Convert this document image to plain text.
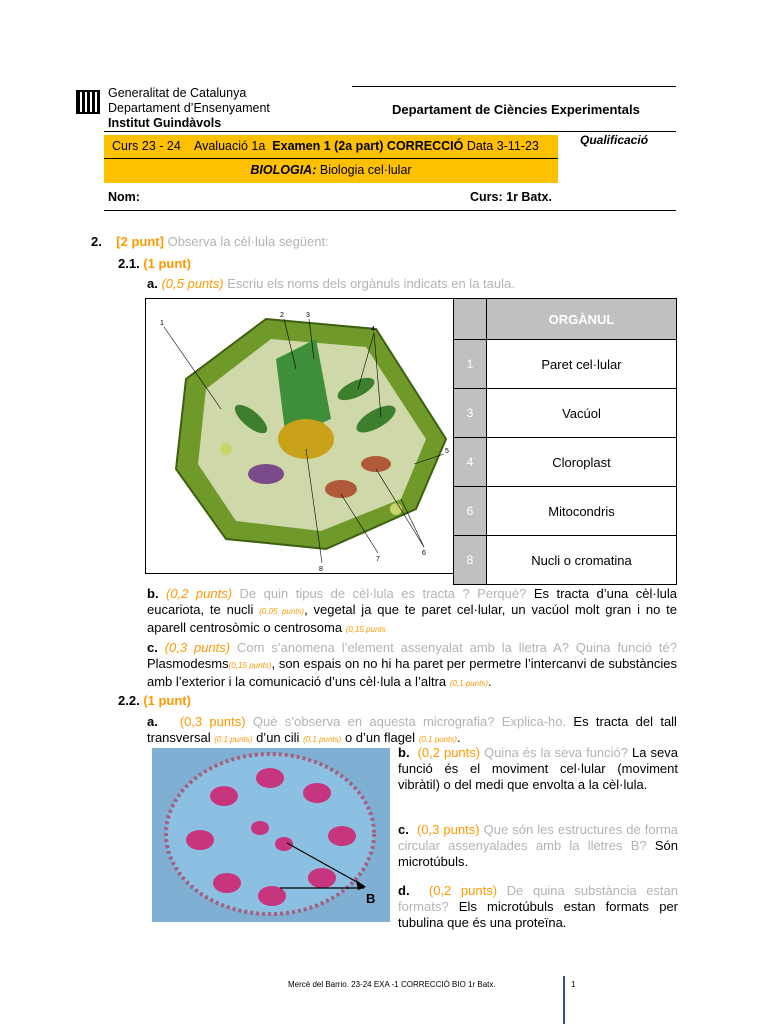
Generalitat de Catalunya
Departament d’Ensenyament
Institut Guindàvols
Departament de Ciències Experimentals
Qualificació
Curs 23 - 24 Avaluació 1a Examen 1 (2a part) CORRECCIÓ Data 3-11-23
BIOLOGIA: Biologia cel·lular
Nom:	Curs: 1r Batx.
2. [2 punt] Observa la cèl·lula següent:
2.1. (1 punt)
a. (0,5 punts) Escriu els noms dels orgànuls indicats en la taula.
1
2	3
4
5
6
7
8
	ORGÀNUL
1	Paret cel·lular
3	Vacúol
4	Cloroplast
6	Mitocondris
8	Nucli o cromatina
b. (0,2 punts) De quin tipus de cèl·lula es tracta ? Perquè? Es tracta d’una cèl·lula eucariota, te nucli (0,05 punts), vegetal ja que te paret cel·lular, un vacúol molt gran i no te aparell centrosòmic o centrosoma (0,15 punts
c. (0,3 punts) Com s’anomena l’element assenyalat amb la lletra A? Quina funció té? Plasmodesms(0,15 punts), son espais on no hi ha paret per permetre l’intercanvi de substàncies amb l’exterior i la comunicació d’uns cèl·lula a l’altra (0,1 punts).
2.2. (1 punt)
a. (0,3 punts) Què s’observa en aquesta micrografia? Explica-ho. Es tracta del tall transversal (0,1 punts) d’un cili (0,1 punts) o d’un flagel (0,1 punts).
B
b. (0,2 punts) Quina és la seva funció? La seva funció és el moviment cel·lular (moviment vibràtil) o del medi que envolta a la cèl·lula.
c. (0,3 punts) Que són les estructures de forma circular assenyalades amb la lletres B? Són microtúbuls.
d. (0,2 punts) De quina substància estan formats? Els microtúbuls estan formats per tubulina que és una proteïna.
Mercè del Barrio. 23-24 EXA -1 CORRECCIÓ BIO 1r Batx.	1
